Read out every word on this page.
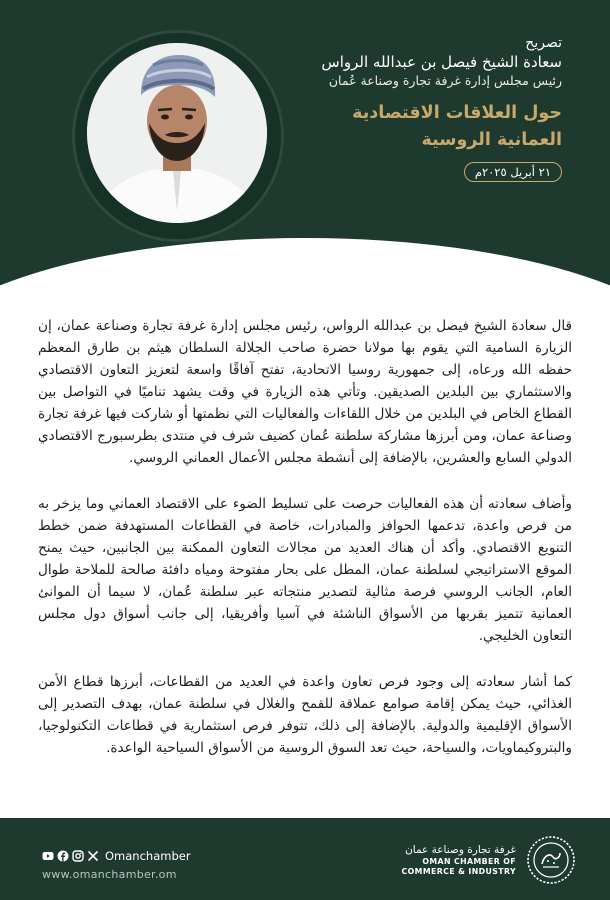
تصريح
سعادة الشيخ فيصل بن عبدالله الرواس
رئيس مجلس إدارة غرفة تجارة وصناعة عُمان
حول العلاقات الاقتصادية
العمانية الروسية
٢١ أبريل ٢٠٢٥م

قال سعادة الشيخ فيصل بن عبدالله الرواس، رئيس مجلس إدارة غرفة تجارة وصناعة عمان، إن الزيارة السامية التي يقوم بها مولانا حضرة صاحب الجلالة السلطان هيثم بن طارق المعظم حفظه الله ورعاه، إلى جمهورية روسيا الاتحادية، تفتح آفاقًا واسعة لتعزيز التعاون الاقتصادي والاستثماري بين البلدين الصديقين. وتأتي هذه الزيارة في وقت يشهد تناميًا في التواصل بين القطاع الخاص في البلدين من خلال اللقاءات والفعاليات التي نظمتها أو شاركت فيها غرفة تجارة وصناعة عمان، ومن أبرزها مشاركة سلطنة عُمان كضيف شرف في منتدى بطرسبورج الاقتصادي الدولي السابع والعشرين، بالإضافة إلى أنشطة مجلس الأعمال العماني الروسي.

وأضاف سعادته أن هذه الفعاليات حرصت على تسليط الضوء على الاقتصاد العماني وما يزخر به من فرص واعدة، تدعمها الحوافز والمبادرات، خاصة في القطاعات المستهدفة ضمن خطط التنويع الاقتصادي. وأكد أن هناك العديد من مجالات التعاون الممكنة بين الجانبين، حيث يمنح الموقع الاستراتيجي لسلطنة عمان، المطل على بحار مفتوحة ومياه دافئة صالحة للملاحة طوال العام، الجانب الروسي فرصة مثالية لتصدير منتجاته عبر سلطنة عُمان، لا سيما أن الموانئ العمانية تتميز بقربها من الأسواق الناشئة في آسيا وأفريقيا، إلى جانب أسواق دول مجلس التعاون الخليجي.

كما أشار سعادته إلى وجود فرص تعاون واعدة في العديد من القطاعات، أبرزها قطاع الأمن الغذائي، حيث يمكن إقامة صوامع عملاقة للقمح والغلال في سلطنة عمان، بهدف التصدير إلى الأسواق الإقليمية والدولية. بالإضافة إلى ذلك، تتوفر فرص استثمارية في قطاعات التكنولوجيا، والبتروكيماويات، والسياحة، حيث تعد السوق الروسية من الأسواق السياحية الواعدة.

Omanchamber
www.omanchamber.om
غرفة تجارة وصناعة عمان
OMAN CHAMBER OF
COMMERCE & INDUSTRY
